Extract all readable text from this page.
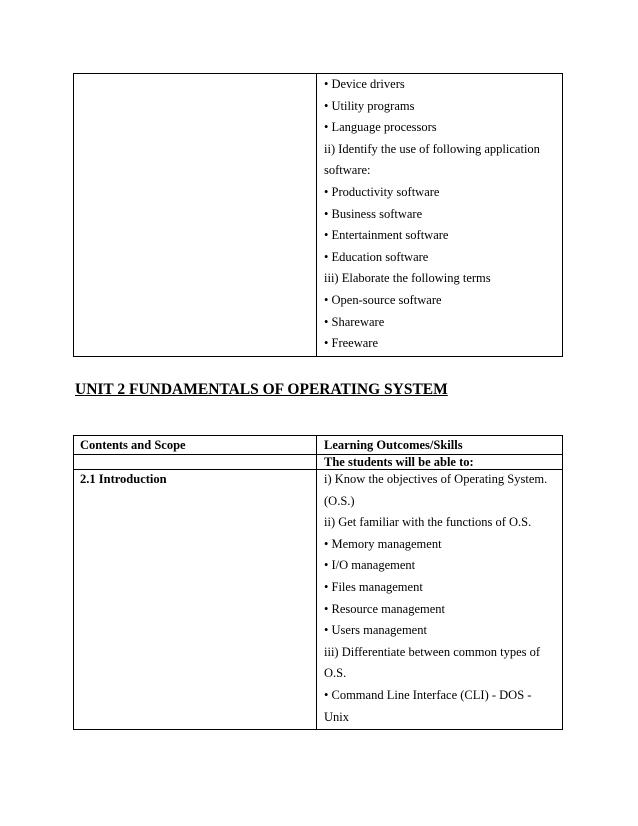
• Device drivers
• Utility programs
• Language processors
ii) Identify the use of following application
software:
• Productivity software
• Business software
• Entertainment software
• Education software
iii) Elaborate the following terms
• Open-source software
• Shareware
• Freeware
UNIT 2 FUNDAMENTALS OF OPERATING SYSTEM
Contents and Scope	Learning Outcomes/Skills
The students will be able to:
2.1 Introduction	i) Know the objectives of Operating System.
(O.S.)
ii) Get familiar with the functions of O.S.
• Memory management
• I/O management
• Files management
• Resource management
• Users management
iii) Differentiate between common types of
O.S.
• Command Line Interface (CLI) - DOS -
Unix
